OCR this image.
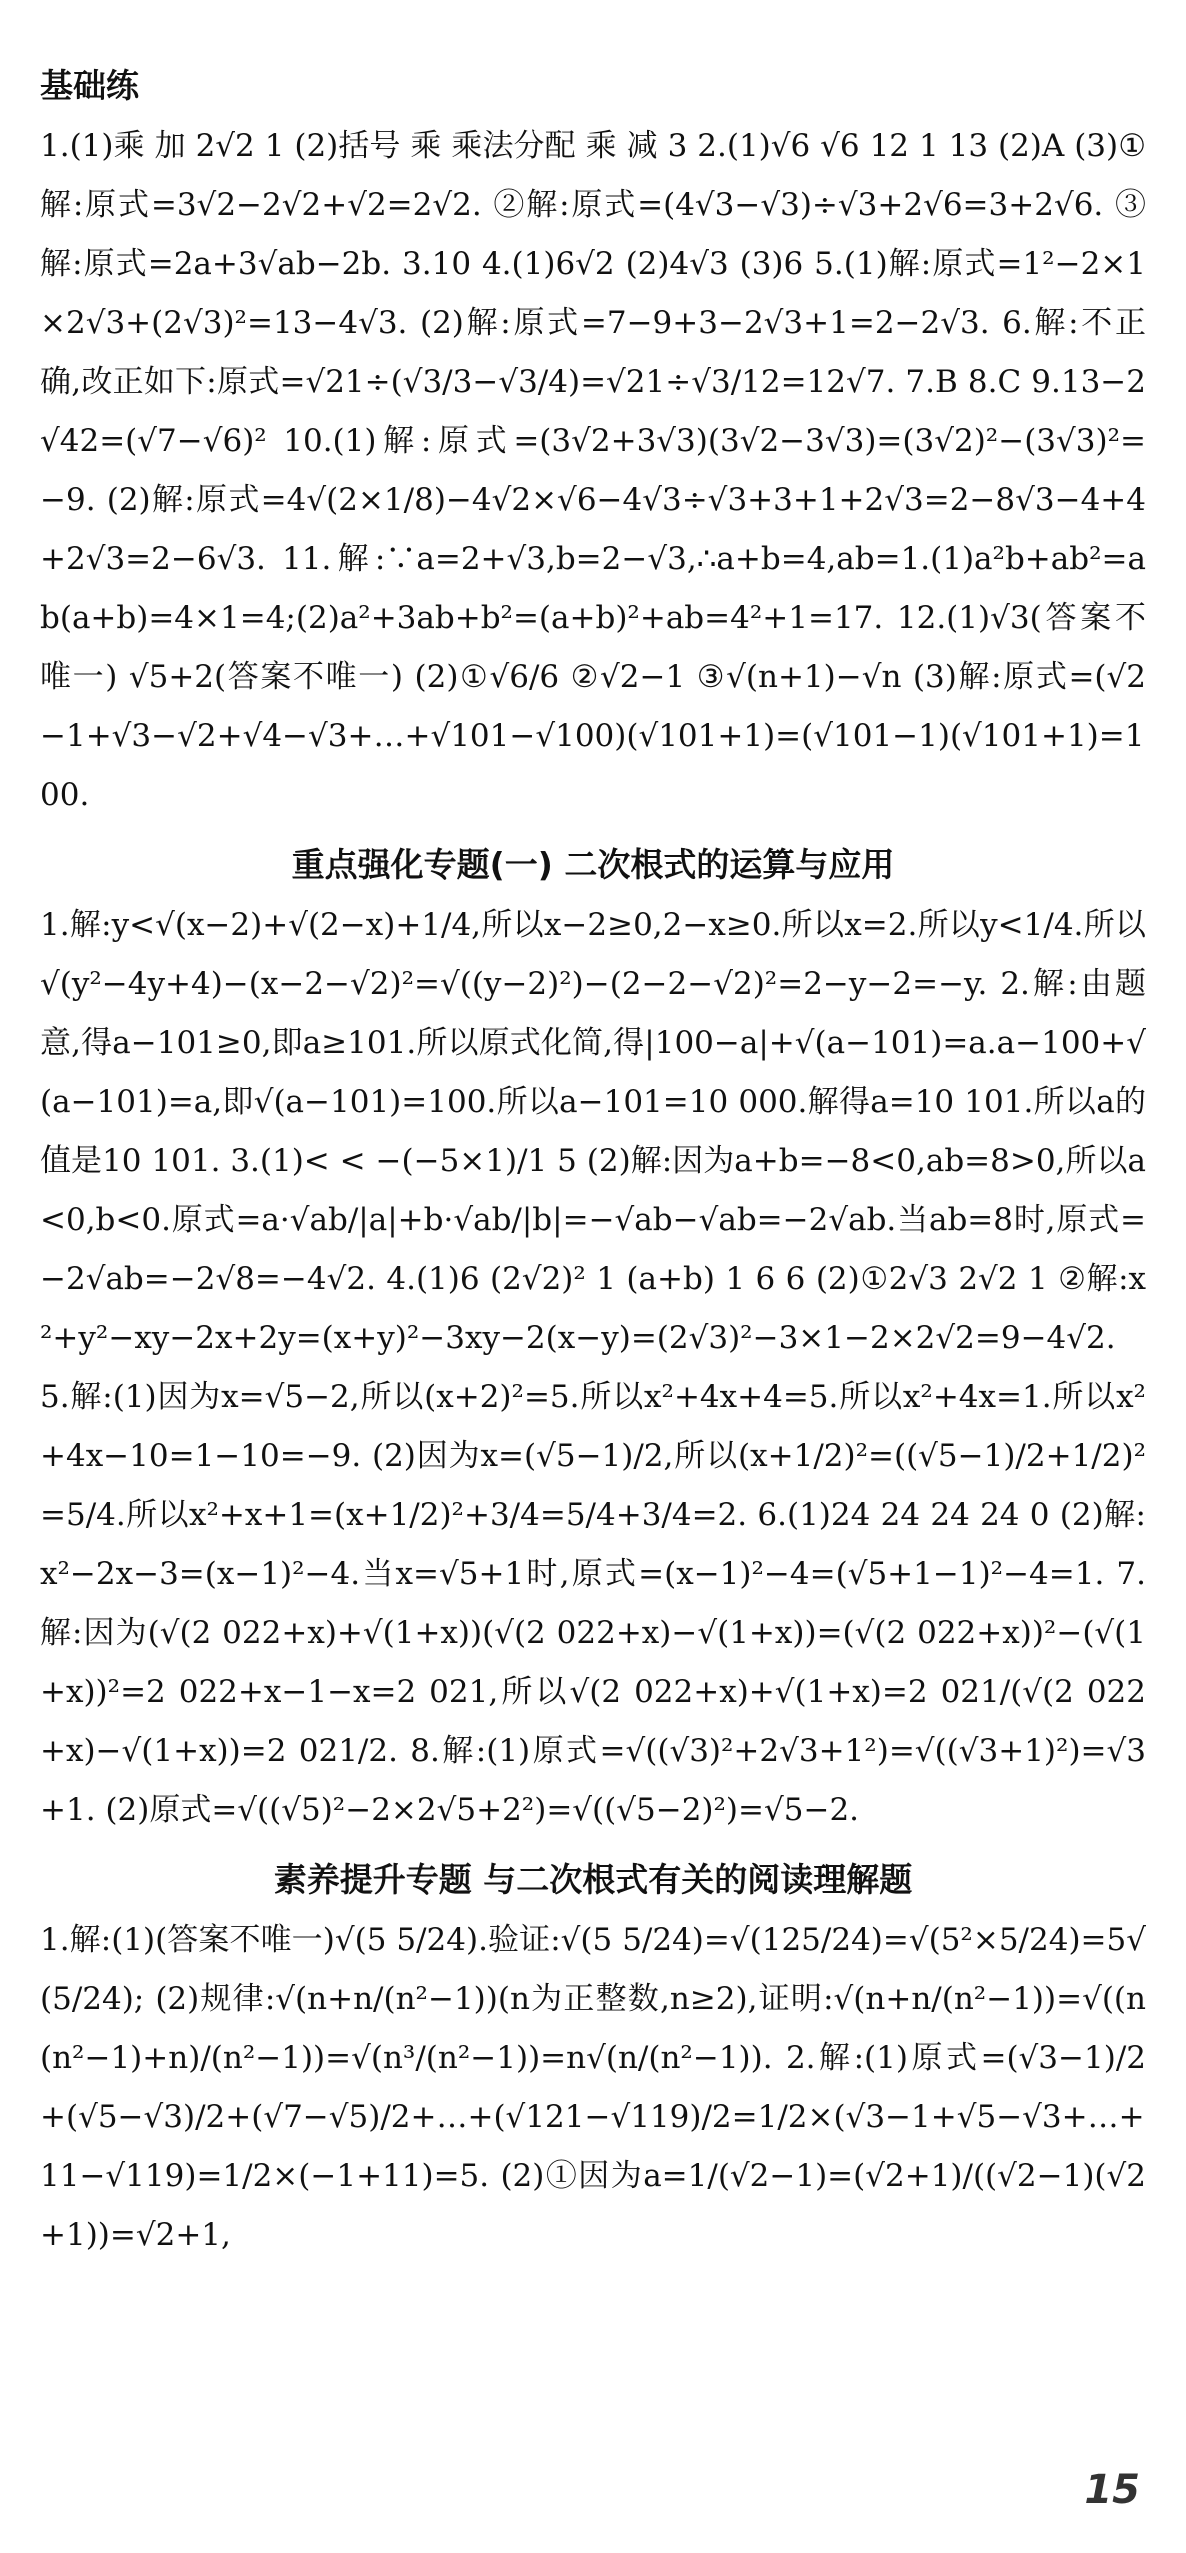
基础练

1.(1)乘 加 2√2 1 (2)括号 乘 乘法分配 乘 减 3 2.(1)√6 √6 12 1 13 (2)A (3)①解:原式=3√2−2√2+√2=2√2. ②解:原式=(4√3−√3)÷√3+2√6=3+2√6. ③解:原式=2a+3√ab−2b. 3.10 4.(1)6√2 (2)4√3 (3)6 5.(1)解:原式=1²−2×1×2√3+(2√3)²=13−4√3. (2)解:原式=7−9+3−2√3+1=2−2√3. 6.解:不正确,改正如下:原式=√21÷(√3/3−√3/4)=√21÷√3/12=12√7. 7.B 8.C 9.13−2√42=(√7−√6)² 10.(1)解:原式=(3√2+3√3)(3√2−3√3)=(3√2)²−(3√3)²=−9. (2)解:原式=4√(2×1/8)−4√2×√6−4√3÷√3+3+1+2√3=2−8√3−4+4+2√3=2−6√3. 11.解:∵a=2+√3,b=2−√3,∴a+b=4,ab=1.(1)a²b+ab²=ab(a+b)=4×1=4;(2)a²+3ab+b²=(a+b)²+ab=4²+1=17. 12.(1)√3(答案不唯一) √5+2(答案不唯一) (2)①√6/6 ②√2−1 ③√(n+1)−√n (3)解:原式=(√2−1+√3−√2+√4−√3+…+√101−√100)(√101+1)=(√101−1)(√101+1)=100.

重点强化专题(一) 二次根式的运算与应用

1.解:y<√(x−2)+√(2−x)+1/4,所以x−2≥0,2−x≥0.所以x=2.所以y<1/4.所以√(y²−4y+4)−(x−2−√2)²=√((y−2)²)−(2−2−√2)²=2−y−2=−y. 2.解:由题意,得a−101≥0,即a≥101.所以原式化简,得|100−a|+√(a−101)=a.a−100+√(a−101)=a,即√(a−101)=100.所以a−101=10 000.解得a=10 101.所以a的值是10 101. 3.(1)< < −(−5×1)/1 5 (2)解:因为a+b=−8<0,ab=8>0,所以a<0,b<0.原式=a·√ab/|a|+b·√ab/|b|=−√ab−√ab=−2√ab.当ab=8时,原式=−2√ab=−2√8=−4√2. 4.(1)6 (2√2)² 1 (a+b) 1 6 6 (2)①2√3 2√2 1 ②解:x²+y²−xy−2x+2y=(x+y)²−3xy−2(x−y)=(2√3)²−3×1−2×2√2=9−4√2. 5.解:(1)因为x=√5−2,所以(x+2)²=5.所以x²+4x+4=5.所以x²+4x=1.所以x²+4x−10=1−10=−9. (2)因为x=(√5−1)/2,所以(x+1/2)²=((√5−1)/2+1/2)²=5/4.所以x²+x+1=(x+1/2)²+3/4=5/4+3/4=2. 6.(1)24 24 24 24 0 (2)解:x²−2x−3=(x−1)²−4.当x=√5+1时,原式=(x−1)²−4=(√5+1−1)²−4=1. 7.解:因为(√(2 022+x)+√(1+x))(√(2 022+x)−√(1+x))=(√(2 022+x))²−(√(1+x))²=2 022+x−1−x=2 021,所以√(2 022+x)+√(1+x)=2 021/(√(2 022+x)−√(1+x))=2 021/2. 8.解:(1)原式=√((√3)²+2√3+1²)=√((√3+1)²)=√3+1. (2)原式=√((√5)²−2×2√5+2²)=√((√5−2)²)=√5−2.

素养提升专题 与二次根式有关的阅读理解题

1.解:(1)(答案不唯一)√(5 5/24).验证:√(5 5/24)=√(125/24)=√(5²×5/24)=5√(5/24); (2)规律:√(n+n/(n²−1))(n为正整数,n≥2),证明:√(n+n/(n²−1))=√((n(n²−1)+n)/(n²−1))=√(n³/(n²−1))=n√(n/(n²−1)). 2.解:(1)原式=(√3−1)/2+(√5−√3)/2+(√7−√5)/2+…+(√121−√119)/2=1/2×(√3−1+√5−√3+…+11−√119)=1/2×(−1+11)=5. (2)①因为a=1/(√2−1)=(√2+1)/((√2−1)(√2+1))=√2+1,

15
